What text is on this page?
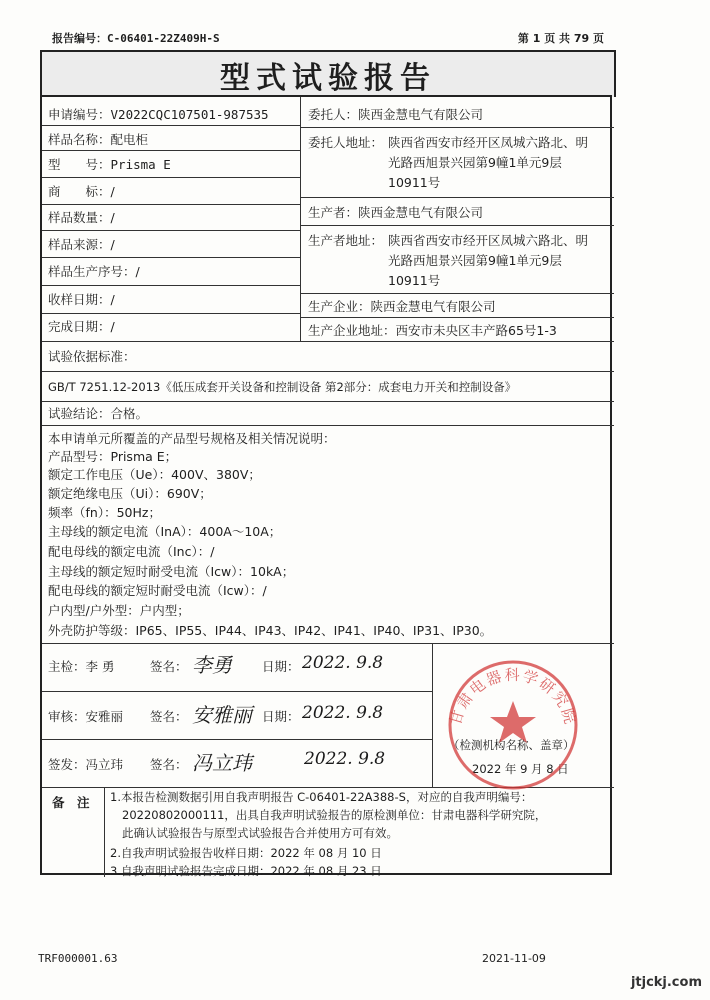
报告编号：C-06401-22Z409H-S	第 1 页 共 79 页
型式试验报告
申请编号：V2022CQC107501-987535
样品名称：配电柜
型　　号：Prisma E
商　　标：/
样品数量：/
样品来源：/
样品生产序号：/
收样日期：/
完成日期：/
委托人：陕西金慧电气有限公司
委托人地址： 陕西省西安市经开区凤城六路北、明
光路西旭景兴园第9幢1单元9层
10911号
生产者：陕西金慧电气有限公司
生产者地址： 陕西省西安市经开区凤城六路北、明
光路西旭景兴园第9幢1单元9层
10911号
生产企业：陕西金慧电气有限公司
生产企业地址：西安市未央区丰产路65号1-3
试验依据标准：
GB/T 7251.12-2013《低压成套开关设备和控制设备 第2部分：成套电力开关和控制设备》
试验结论：合格。
本申请单元所覆盖的产品型号规格及相关情况说明：
产品型号：Prisma E；
额定工作电压（Ue）：400V、380V；
额定绝缘电压（Ui）：690V；
频率（fn）：50Hz；
主母线的额定电流（InA）：400A～10A；
配电母线的额定电流（Inc）：/
主母线的额定短时耐受电流（Icw）：10kA；
配电母线的额定短时耐受电流（Icw）：/
户内型/户外型：户内型；
外壳防护等级：IP65、IP55、IP44、IP43、IP42、IP41、IP40、IP31、IP30。
主检：李 勇	签名： 李勇 日期： 2022. 9.8
审核：安雅丽 签名： 安雅丽 日期： 2022. 9.8
签发：冯立玮 签名： 冯立玮	2022. 9.8
（检测机构名称、盖章）
2022 年 9 月 8 日
备　注 1.本报告检测数据引用自我声明报告 C-06401-22A388-S，对应的自我声明编号：
20220802000111，出具自我声明试验报告的原检测单位：甘肃电器科学研究院，
此确认试验报告与原型式试验报告合并使用方可有效。
2.自我声明试验报告收样日期：2022 年 08 月 10 日
3.自我声明试验报告完成日期：2022 年 08 月 23 日
甘肃电器科学研究院
TRF000001.63	2021-11-09
jtjckj.com
